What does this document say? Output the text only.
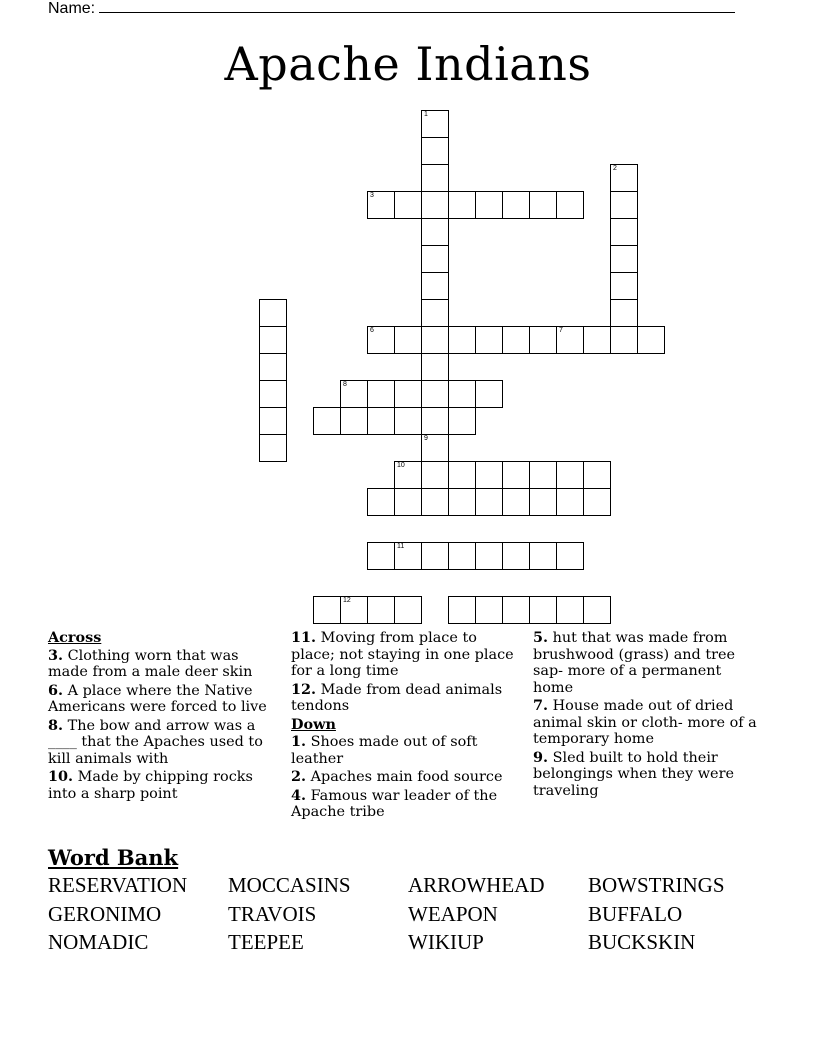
Name:
Apache Indians
1
9
2
3
6	7
8
10
11
12
Across
3. Clothing worn that was made from a male deer skin
6. A place where the Native Americans were forced to live
8. The bow and arrow was a ____ that the Apaches used to kill animals with
10. Made by chipping rocks into a sharp point
11. Moving from place to place; not staying in one place for a long time
12. Made from dead animals tendons
Down
1. Shoes made out of soft leather
2. Apaches main food source
4. Famous war leader of the Apache tribe
5. hut that was made from brushwood (grass) and tree sap- more of a permanent home
7. House made out of dried animal skin or cloth- more of a temporary home
9. Sled built to hold their belongings when they were traveling
Word Bank
RESERVATION	MOCCASINS	ARROWHEAD	BOWSTRINGS
GERONIMO	TRAVOIS	WEAPON	BUFFALO
NOMADIC	TEEPEE	WIKIUP	BUCKSKIN
